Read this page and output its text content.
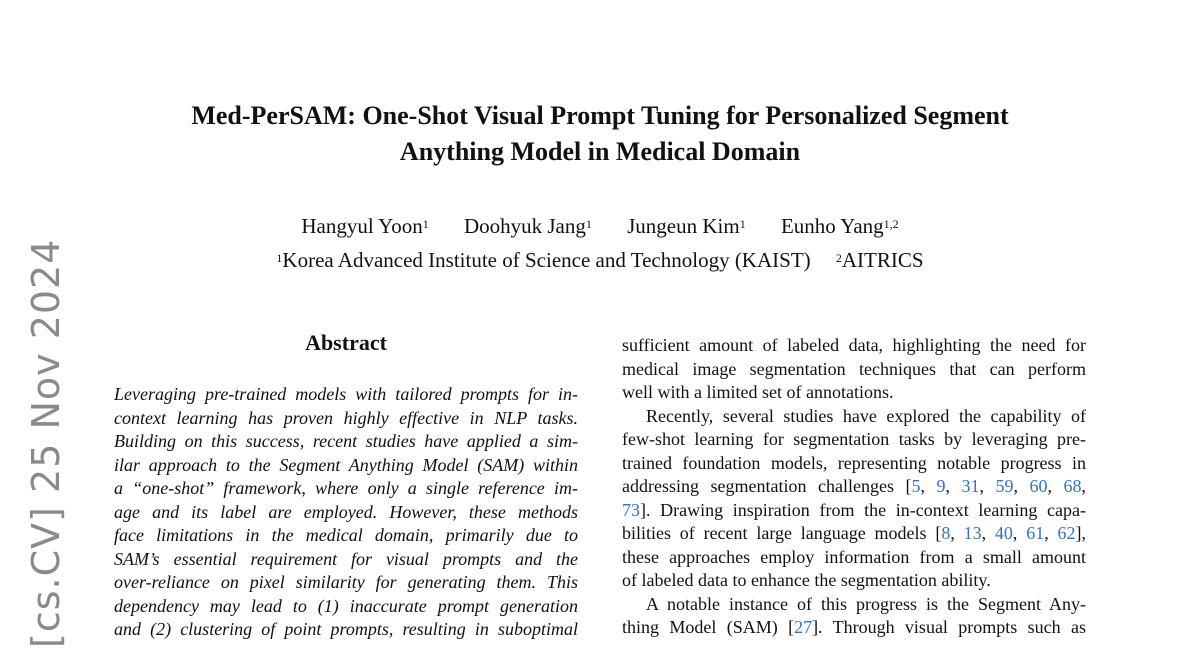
[cs.CV] 25 Nov 2024
Med-PerSAM: One-Shot Visual Prompt Tuning for Personalized Segment
Anything Model in Medical Domain
Hangyul Yoon$^1$ Doohyuk Jang$^1$ Jungeun Kim$^1$ Eunho Yang$^{1,2}$
$^1$Korea Advanced Institute of Science and Technology (KAIST) $^2$AITRICS
Abstract
Leveraging pre-trained models with tailored prompts for in-
context learning has proven highly effective in NLP tasks.
Building on this success, recent studies have applied a sim-
ilar approach to the Segment Anything Model (SAM) within
a “one-shot” framework, where only a single reference im-
age and its label are employed. However, these methods
face limitations in the medical domain, primarily due to
SAM’s essential requirement for visual prompts and the
over-reliance on pixel similarity for generating them. This
dependency may lead to (1) inaccurate prompt generation
and (2) clustering of point prompts, resulting in suboptimal
sufficient amount of labeled data, highlighting the need for
medical image segmentation techniques that can perform
well with a limited set of annotations.
Recently, several studies have explored the capability of
few-shot learning for segmentation tasks by leveraging pre-
trained foundation models, representing notable progress in
addressing segmentation challenges [5, 9, 31, 59, 60, 68,
73]. Drawing inspiration from the in-context learning capa-
bilities of recent large language models [8, 13, 40, 61, 62],
these approaches employ information from a small amount
of labeled data to enhance the segmentation ability.
A notable instance of this progress is the Segment Any-
thing Model (SAM) [27]. Through visual prompts such as
